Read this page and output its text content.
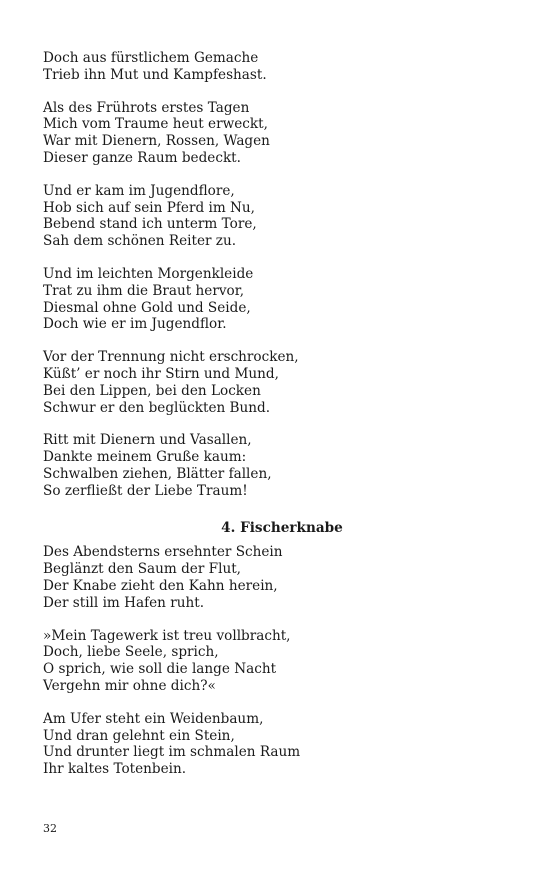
Doch aus fürstlichem Gemache
Trieb ihn Mut und Kampfeshast.
Als des Frührots erstes Tagen
Mich vom Traume heut erweckt,
War mit Dienern, Rossen, Wagen
Dieser ganze Raum bedeckt.
Und er kam im Jugendflore,
Hob sich auf sein Pferd im Nu,
Bebend stand ich unterm Tore,
Sah dem schönen Reiter zu.
Und im leichten Morgenkleide
Trat zu ihm die Braut hervor,
Diesmal ohne Gold und Seide,
Doch wie er im Jugendflor.
Vor der Trennung nicht erschrocken,
Küßt’ er noch ihr Stirn und Mund,
Bei den Lippen, bei den Locken
Schwur er den beglückten Bund.
Ritt mit Dienern und Vasallen,
Dankte meinem Gruße kaum:
Schwalben ziehen, Blätter fallen,
So zerfließt der Liebe Traum!
4. Fischerknabe
Des Abendsterns ersehnter Schein
Beglänzt den Saum der Flut,
Der Knabe zieht den Kahn herein,
Der still im Hafen ruht.
»Mein Tagewerk ist treu vollbracht,
Doch, liebe Seele, sprich,
O sprich, wie soll die lange Nacht
Vergehn mir ohne dich?«
Am Ufer steht ein Weidenbaum,
Und dran gelehnt ein Stein,
Und drunter liegt im schmalen Raum
Ihr kaltes Totenbein.
32
